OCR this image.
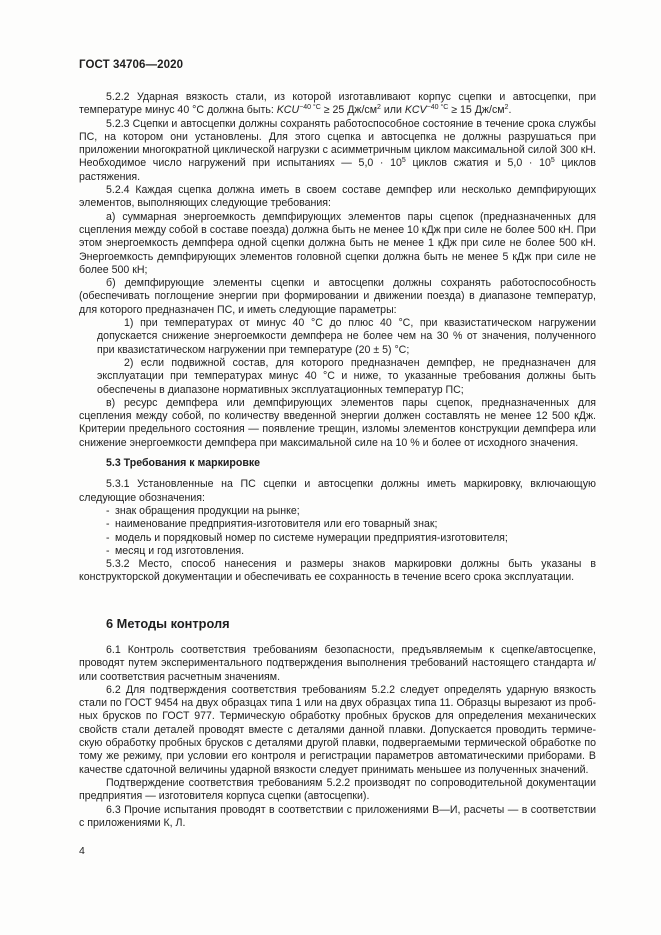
ГОСТ 34706—2020

5.2.2 Ударная вязкость стали, из которой изготавливают корпус сцепки и автосцепки, при температуре минус 40 °С должна быть: $KCU^{-40 ^\circ С} \ge 25$ $Дж/см^2$ или $KCV^{-40 ^\circ С} \ge 15$ $Дж/см^2$.

5.2.3 Сцепки и автосцепки должны сохранять работоспособное состояние в течение срока службы ПС, на котором они установлены. Для этого сцепка и автосцепка не должны разрушаться при приложении многократной циклической нагрузки с асимметричным циклом максимальной силой 300 кН. Необходимое число нагружений при испытаниях — $5,0 \cdot 10^5$ циклов сжатия и $5,0 \cdot 10^5$ циклов растяжения.

5.2.4 Каждая сцепка должна иметь в своем составе демпфер или несколько демпфирующих элементов, выполняющих следующие требования:

а) суммарная энергоемкость демпфирующих элементов пары сцепок (предназначенных для сцепления между собой в составе поезда) должна быть не менее 10 кДж при силе не более 500 кН. При этом энергоемкость демпфера одной сцепки должна быть не менее 1 кДж при силе не более 500 кН. Энергоемкость демпфирующих элементов головной сцепки должна быть не менее 5 кДж при силе не более 500 кН;

б) демпфирующие элементы сцепки и автосцепки должны сохранять работоспособность (обеспечивать поглощение энергии при формировании и движении поезда) в диапазоне температур, для которого предназначен ПС, и иметь следующие параметры:

1) при температурах от минус 40 °С до плюс 40 °С, при квазистатическом нагружении допускается снижение энергоемкости демпфера не более чем на 30 % от значения, полученного при квазистатическом нагружении при температуре (20 ± 5) °С;

2) если подвижной состав, для которого предназначен демпфер, не предназначен для эксплуатации при температурах минус 40 °С и ниже, то указанные требования должны быть обеспечены в диапазоне нормативных эксплуатационных температур ПС;

в) ресурс демпфера или демпфирующих элементов пары сцепок, предназначенных для сцепления между собой, по количеству введенной энергии должен составлять не менее 12 500 кДж. Критерии предельного состояния — появление трещин, изломы элементов конструкции демпфера или снижение энергоемкости демпфера при максимальной силе на 10 % и более от исходного значения.

5.3 Требования к маркировке

5.3.1 Установленные на ПС сцепки и автосцепки должны иметь маркировку, включающую следующие обозначения:

- знак обращения продукции на рынке;
- наименование предприятия-изготовителя или его товарный знак;
- модель и порядковый номер по системе нумерации предприятия-изготовителя;
- месяц и год изготовления.

5.3.2 Место, способ нанесения и размеры знаков маркировки должны быть указаны в конструкторской документации и обеспечивать ее сохранность в течение всего срока эксплуатации.

6 Методы контроля

6.1 Контроль соответствия требованиям безопасности, предъявляемым к сцепке/автосцепке, проводят путем экспериментального подтверждения выполнения требований настоящего стандарта и/или соответствия расчетным значениям.

6.2 Для подтверждения соответствия требованиям 5.2.2 следует определять ударную вязкость стали по ГОСТ 9454 на двух образцах типа 1 или на двух образцах типа 11. Образцы вырезают из проб-ных брусков по ГОСТ 977. Термическую обработку пробных брусков для определения механических свойств стали деталей проводят вместе с деталями данной плавки. Допускается проводить термиче-скую обработку пробных брусков с деталями другой плавки, подвергаемыми термической обработке по тому же режиму, при условии его контроля и регистрации параметров автоматическими приборами. В качестве сдаточной величины ударной вязкости следует принимать меньшее из полученных значений.

Подтверждение соответствия требованиям 5.2.2 производят по сопроводительной документации предприятия — изготовителя корпуса сцепки (автосцепки).

6.3 Прочие испытания проводят в соответствии с приложениями В—И, расчеты — в соответствии с приложениями К, Л.

4
